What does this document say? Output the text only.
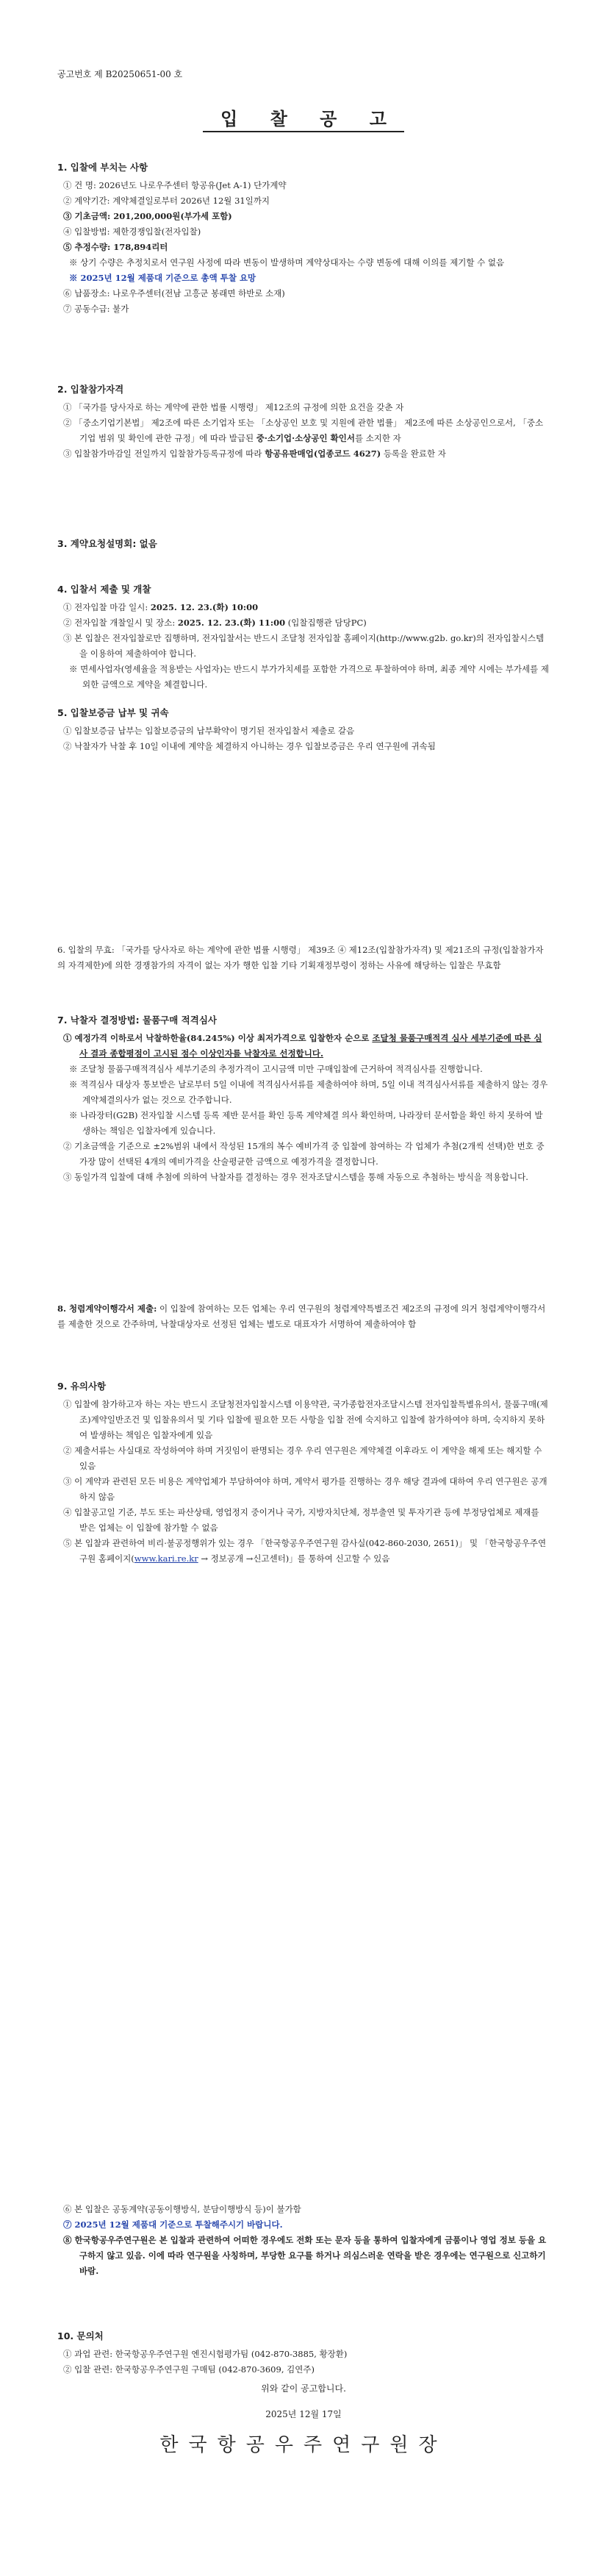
공고번호 제 B20250651-00 호
입 찰 공 고
1. 입찰에 부치는 사항
① 건 명: 2026년도 나로우주센터 항공유(Jet A-1) 단가계약
② 계약기간: 계약체결일로부터 2026년 12월 31일까지
③ 기초금액: 201,200,000원(부가세 포함)
④ 입찰방법: 제한경쟁입찰(전자입찰)
⑤ 추정수량: 178,894리터
※ 상기 수량은 추정치로서 연구원 사정에 따라 변동이 발생하며 계약상대자는 수량 변동에 대해 이의를 제기할 수 없음
※ 2025년 12월 제품대 기준으로 총액 투찰 요망
⑥ 납품장소: 나로우주센터(전남 고흥군 봉래면 하반로 소재)
⑦ 공동수급: 불가
2. 입찰참가자격
① 「국가를 당사자로 하는 계약에 관한 법률 시행령」 제12조의 규정에 의한 요건을 갖춘 자
② 「중소기업기본법」 제2조에 따른 소기업자 또는 「소상공인 보호 및 지원에 관한 법률」 제2조에 따른 소상공인으로서, 「중소기업 범위 및 확인에 관한 규정」에 따라 발급된 중·소기업·소상공인 확인서를 소지한 자
③ 입찰참가마감일 전일까지 입찰참가등록규정에 따라 항공유판매업(업종코드 4627) 등록을 완료한 자
3. 계약요청설명회: 없음
4. 입찰서 제출 및 개찰
① 전자입찰 마감 일시: 2025. 12. 23.(화) 10:00
② 전자입찰 개찰일시 및 장소: 2025. 12. 23.(화) 11:00 (입찰집행관 담당PC)
③ 본 입찰은 전자입찰로만 집행하며, 전자입찰서는 반드시 조달청 전자입찰 홈페이지(http://www.g2b. go.kr)의 전자입찰시스템을 이용하여 제출하여야 합니다.
※ 면세사업자(영세율을 적용받는 사업자)는 반드시 부가가치세를 포함한 가격으로 투찰하여야 하며, 최종 계약 시에는 부가세를 제외한 금액으로 계약을 체결합니다.
5. 입찰보증금 납부 및 귀속
① 입찰보증금 납부는 입찰보증금의 납부확약이 명기된 전자입찰서 제출로 갈음
② 낙찰자가 낙찰 후 10일 이내에 계약을 체결하지 아니하는 경우 입찰보증금은 우리 연구원에 귀속됨
6. 입찰의 무효: 「국가를 당사자로 하는 계약에 관한 법률 시행령」 제39조 ④ 제12조(입찰참가자격) 및 제21조의 규정(입찰참가자의 자격제한)에 의한 경쟁참가의 자격이 없는 자가 행한 입찰 기타 기획재정부령이 정하는 사유에 해당하는 입찰은 무효함
7. 낙찰자 결정방법: 물품구매 적격심사
① 예정가격 이하로서 낙찰하한율(84.245%) 이상 최저가격으로 입찰한자 순으로 조달청 물품구매적격 심사 세부기준에 따른 심사 결과 종합평점이 고시된 점수 이상인자를 낙찰자로 선정합니다.
※ 조달청 물품구매적격심사 세부기준의 추정가격이 고시금액 미만 구매입찰에 근거하여 적격심사를 진행합니다.
※ 적격심사 대상자 통보받은 날로부터 5일 이내에 적격심사서류를 제출하여야 하며, 5일 이내 적격심사서류를 제출하지 않는 경우 계약체결의사가 없는 것으로 간주합니다.
※ 나라장터(G2B) 전자입찰 시스템 등록 제반 문서를 확인 등록 계약체결 의사 확인하며, 나라장터 문서함을 확인 하지 못하여 발생하는 책임은 입찰자에게 있습니다.
② 기초금액을 기준으로 ±2%범위 내에서 작성된 15개의 복수 예비가격 중 입찰에 참여하는 각 업체가 추첨(2개씩 선택)한 번호 중 가장 많이 선택된 4개의 예비가격을 산술평균한 금액으로 예정가격을 결정합니다.
③ 동일가격 입찰에 대해 추첨에 의하여 낙찰자를 결정하는 경우 전자조달시스템을 통해 자동으로 추첨하는 방식을 적용합니다.
8. 청렴계약이행각서 제출: 이 입찰에 참여하는 모든 업체는 우리 연구원의 청렴계약특별조건 제2조의 규정에 의거 청렴계약이행각서를 제출한 것으로 간주하며, 낙찰대상자로 선정된 업체는 별도로 대표자가 서명하여 제출하여야 함
9. 유의사항
① 입찰에 참가하고자 하는 자는 반드시 조달청전자입찰시스템 이용약관, 국가종합전자조달시스템 전자입찰특별유의서, 물품구매(제조)계약일반조건 및 입찰유의서 및 기타 입찰에 필요한 모든 사항을 입찰 전에 숙지하고 입찰에 참가하여야 하며, 숙지하지 못하여 발생하는 책임은 입찰자에게 있음
② 제출서류는 사실대로 작성하여야 하며 거짓임이 판명되는 경우 우리 연구원은 계약체결 이후라도 이 계약을 해제 또는 해지할 수 있음
③ 이 계약과 관련된 모든 비용은 계약업체가 부담하여야 하며, 계약서 평가를 진행하는 경우 해당 결과에 대하여 우리 연구원은 공개하지 않음
④ 입찰공고일 기준, 부도 또는 파산상태, 영업정지 중이거나 국가, 지방자치단체, 정부출연 및 투자기관 등에 부정당업체로 제재를 받은 업체는 이 입찰에 참가할 수 없음
⑤ 본 입찰과 관련하여 비리·불공정행위가 있는 경우 「한국항공우주연구원 감사실(042-860-2030, 2651)」 및 「한국항공우주연구원 홈페이지(www.kari.re.kr → 정보공개 →신고센터)」를 통하여 신고할 수 있음
⑥ 본 입찰은 공동계약(공동이행방식, 분담이행방식 등)이 불가함
⑦ 2025년 12월 제품대 기준으로 투찰해주시기 바랍니다.
⑧ 한국항공우주연구원은 본 입찰과 관련하여 어떠한 경우에도 전화 또는 문자 등을 통하여 입찰자에게 금품이나 영업 정보 등을 요구하지 않고 있음. 이에 따라 연구원을 사칭하며, 부당한 요구를 하거나 의심스러운 연락을 받은 경우에는 연구원으로 신고하기 바람.
10. 문의처
① 과업 관련: 한국항공우주연구원 엔진시험평가팀 (042-870-3885, 황장환)
② 입찰 관련: 한국항공우주연구원 구매팀 (042-870-3609, 김연주)
위와 같이 공고합니다.
2025년 12월 17일
한국항공우주연구원장
